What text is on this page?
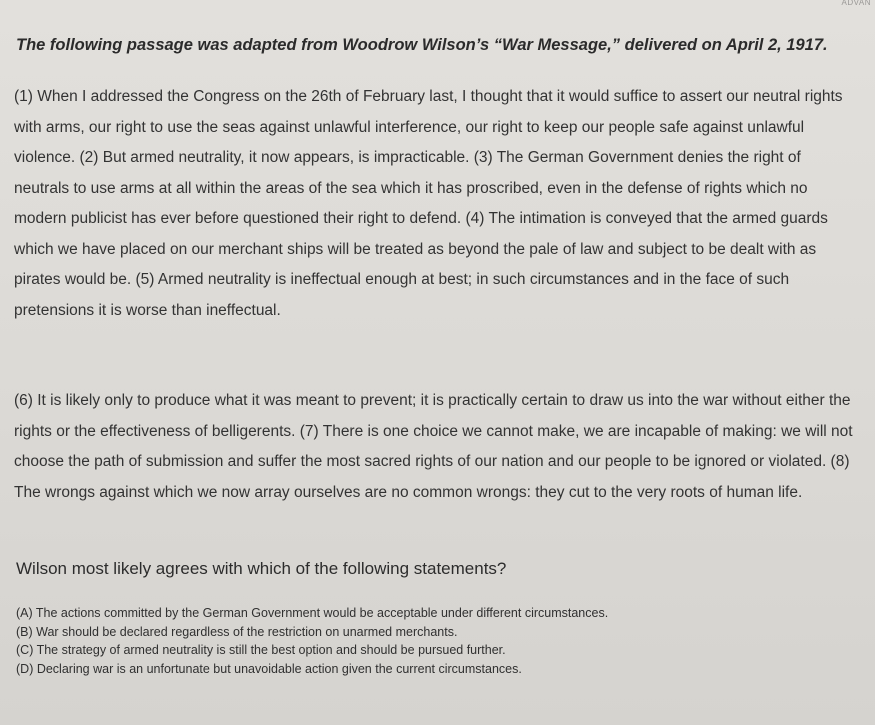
ADVAN
The following passage was adapted from Woodrow Wilson’s “War Message,” delivered on April 2, 1917.

(1) When I addressed the Congress on the 26th of February last, I thought that it would suffice to assert our neutral rights with arms, our right to use the seas against unlawful interference, our right to keep our people safe against unlawful violence. (2) But armed neutrality, it now appears, is impracticable. (3) The German Government denies the right of neutrals to use arms at all within the areas of the sea which it has proscribed, even in the defense of rights which no modern publicist has ever before questioned their right to defend. (4) The intimation is conveyed that the armed guards which we have placed on our merchant ships will be treated as beyond the pale of law and subject to be dealt with as pirates would be. (5) Armed neutrality is ineffectual enough at best; in such circumstances and in the face of such pretensions it is worse than ineffectual.

(6) It is likely only to produce what it was meant to prevent; it is practically certain to draw us into the war without either the rights or the effectiveness of belligerents. (7) There is one choice we cannot make, we are incapable of making: we will not choose the path of submission and suffer the most sacred rights of our nation and our people to be ignored or violated. (8) The wrongs against which we now array ourselves are no common wrongs: they cut to the very roots of human life.

Wilson most likely agrees with which of the following statements?
(A) The actions committed by the German Government would be acceptable under different circumstances.
(B) War should be declared regardless of the restriction on unarmed merchants.
(C) The strategy of armed neutrality is still the best option and should be pursued further.
(D) Declaring war is an unfortunate but unavoidable action given the current circumstances.
